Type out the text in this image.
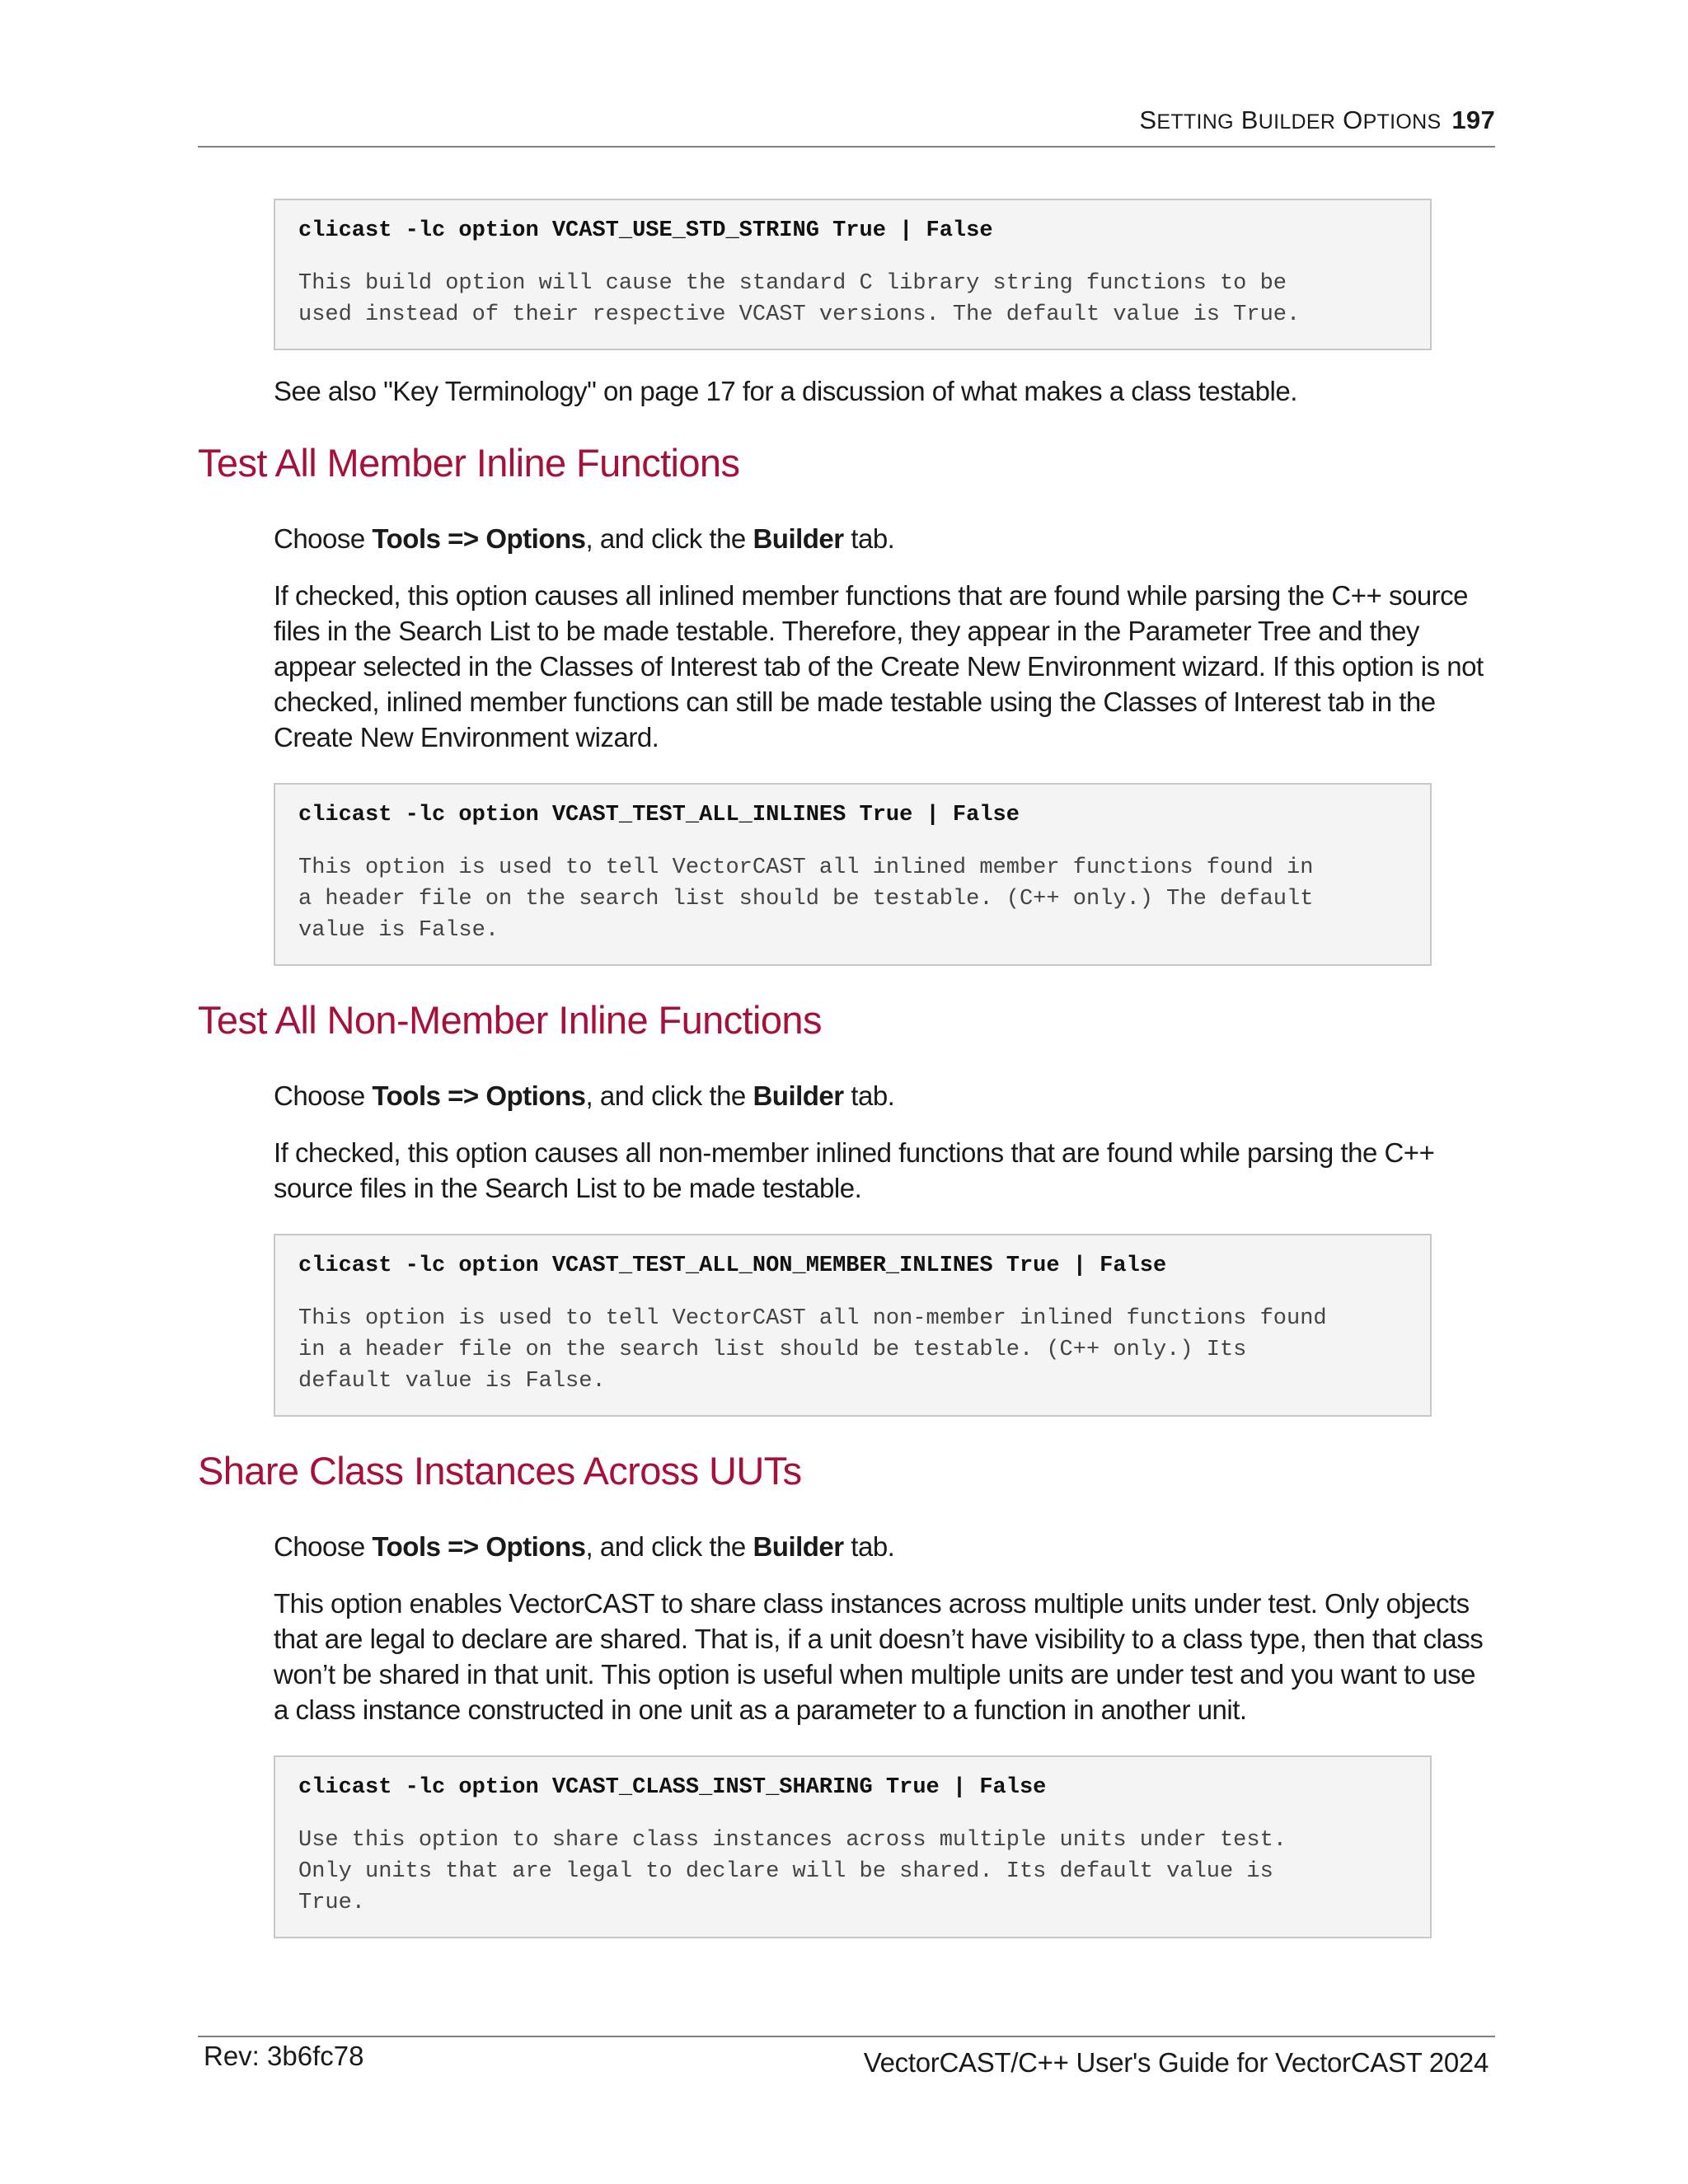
SETTING BUILDER OPTIONS 197
clicast -lc option VCAST_USE_STD_STRING True | False
This build option will cause the standard C library string functions to be
used instead of their respective VCAST versions. The default value is True.
See also "Key Terminology" on page 17 for a discussion of what makes a class testable.
Test All Member Inline Functions
Choose Tools => Options, and click the Builder tab.
If checked, this option causes all inlined member functions that are found while parsing the C++ source files in the Search List to be made testable. Therefore, they appear in the Parameter Tree and they appear selected in the Classes of Interest tab of the Create New Environment wizard. If this option is not checked, inlined member functions can still be made testable using the Classes of Interest tab in the Create New Environment wizard.
clicast -lc option VCAST_TEST_ALL_INLINES True | False
This option is used to tell VectorCAST all inlined member functions found in
a header file on the search list should be testable. (C++ only.) The default
value is False.
Test All Non-Member Inline Functions
Choose Tools => Options, and click the Builder tab.
If checked, this option causes all non-member inlined functions that are found while parsing the C++ source files in the Search List to be made testable.
clicast -lc option VCAST_TEST_ALL_NON_MEMBER_INLINES True | False
This option is used to tell VectorCAST all non-member inlined functions found
in a header file on the search list should be testable. (C++ only.) Its
default value is False.
Share Class Instances Across UUTs
Choose Tools => Options, and click the Builder tab.
This option enables VectorCAST to share class instances across multiple units under test. Only objects that are legal to declare are shared. That is, if a unit doesn’t have visibility to a class type, then that class won’t be shared in that unit. This option is useful when multiple units are under test and you want to use a class instance constructed in one unit as a parameter to a function in another unit.
clicast -lc option VCAST_CLASS_INST_SHARING True | False
Use this option to share class instances across multiple units under test.
Only units that are legal to declare will be shared. Its default value is
True.
Rev: 3b6fc78	VectorCAST/C++ User's Guide for VectorCAST 2024
